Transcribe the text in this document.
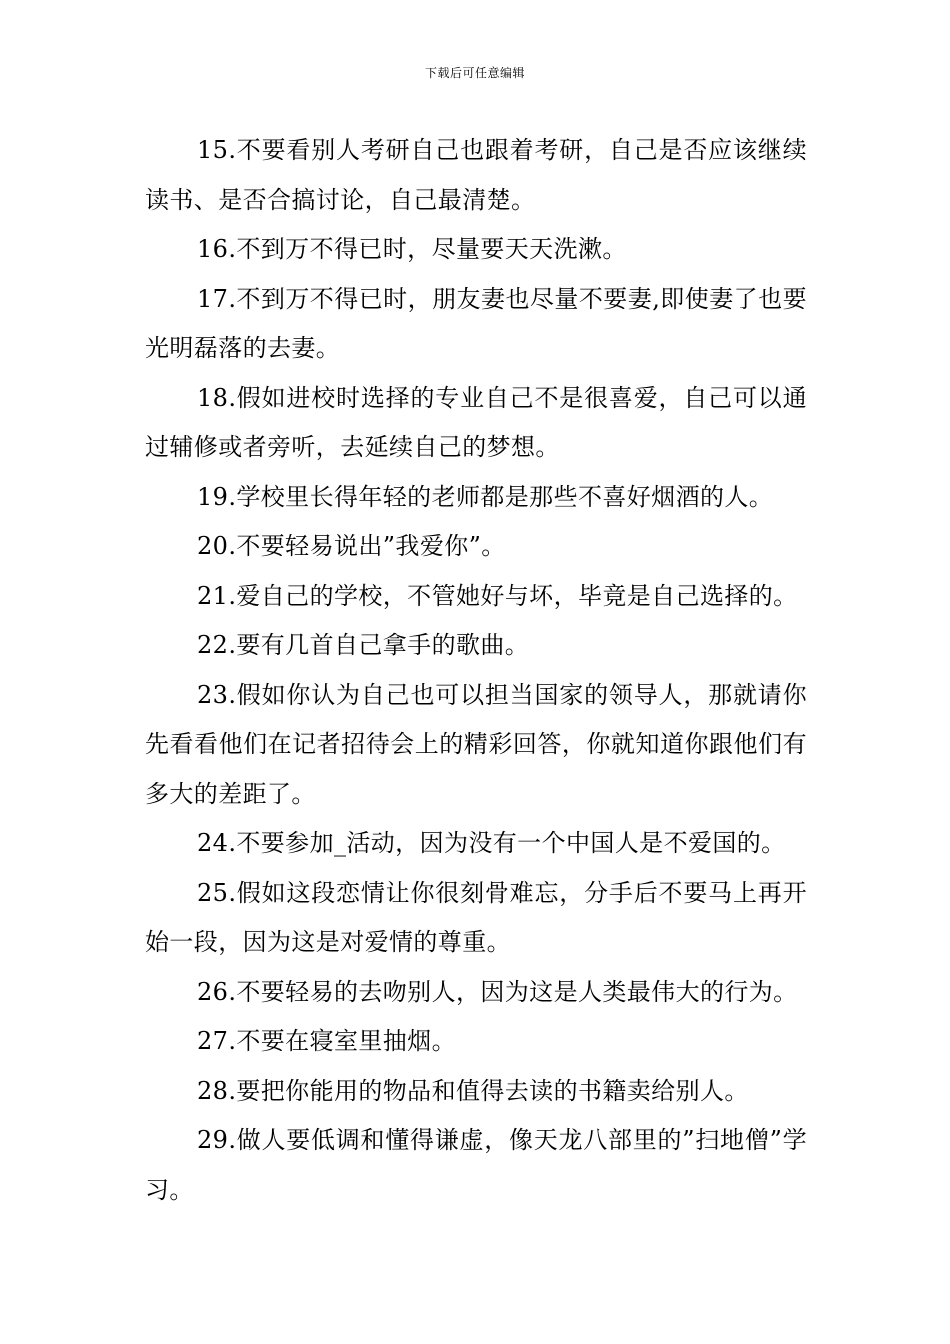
下载后可任意编辑

15.不要看别人考研自己也跟着考研，自己是否应该继续读书、是否合搞讨论，自己最清楚。

16.不到万不得已时，尽量要天天洗漱。

17.不到万不得已时，朋友妻也尽量不要妻,即使妻了也要光明磊落的去妻。

18.假如进校时选择的专业自己不是很喜爱，自己可以通过辅修或者旁听，去延续自己的梦想。

19.学校里长得年轻的老师都是那些不喜好烟酒的人。

20.不要轻易说出”我爱你”。

21.爱自己的学校，不管她好与坏，毕竟是自己选择的。

22.要有几首自己拿手的歌曲。

23.假如你认为自己也可以担当国家的领导人，那就请你先看看他们在记者招待会上的精彩回答，你就知道你跟他们有多大的差距了。

24.不要参加_活动，因为没有一个中国人是不爱国的。

25.假如这段恋情让你很刻骨难忘，分手后不要马上再开始一段，因为这是对爱情的尊重。

26.不要轻易的去吻别人，因为这是人类最伟大的行为。

27.不要在寝室里抽烟。

28.要把你能用的物品和值得去读的书籍卖给别人。

29.做人要低调和懂得谦虚，像天龙八部里的”扫地僧”学习。
